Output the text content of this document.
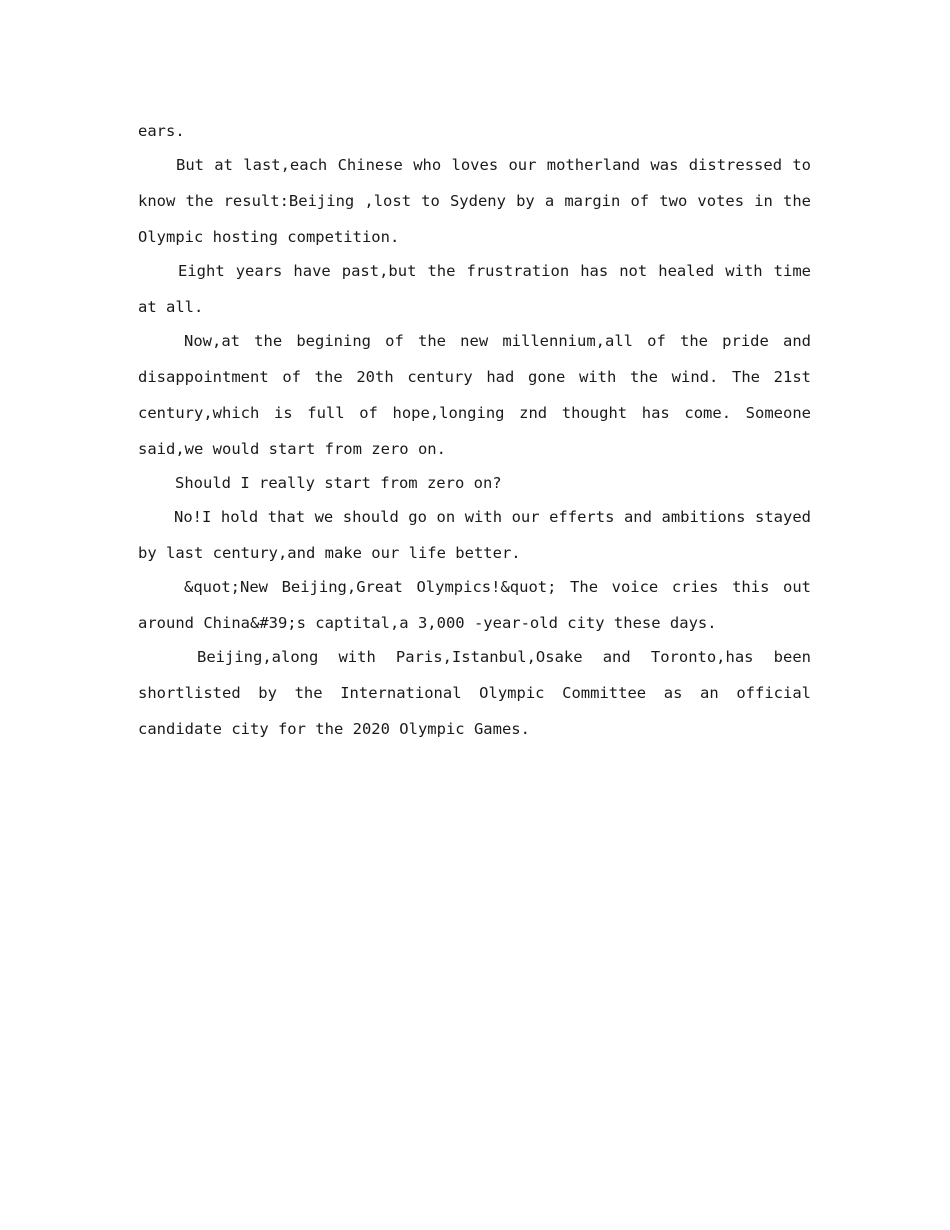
ears.

But at last,each Chinese who loves our motherland was distressed to know the result:Beijing ,lost to Sydeny by a margin of two votes in the Olympic hosting competition.

Eight years have past,but the frustration has not healed with time at all.

Now,at the begining of the new millennium,all of the pride and disappointment of the 20th century had gone with the wind. The 21st century,which is full of hope,longing znd thought has come. Someone said,we would start from zero on.

Should I really start from zero on?

No!I hold that we should go on with our efferts and ambitions stayed by last century,and make our life better.

&quot;New Beijing,Great Olympics!&quot; The voice cries this out around China&#39;s captital,a 3,000 -year-old city these days.

Beijing,along with Paris,Istanbul,Osake and Toronto,has been shortlisted by the International Olympic Committee as an official candidate city for the 2020 Olympic Games.
